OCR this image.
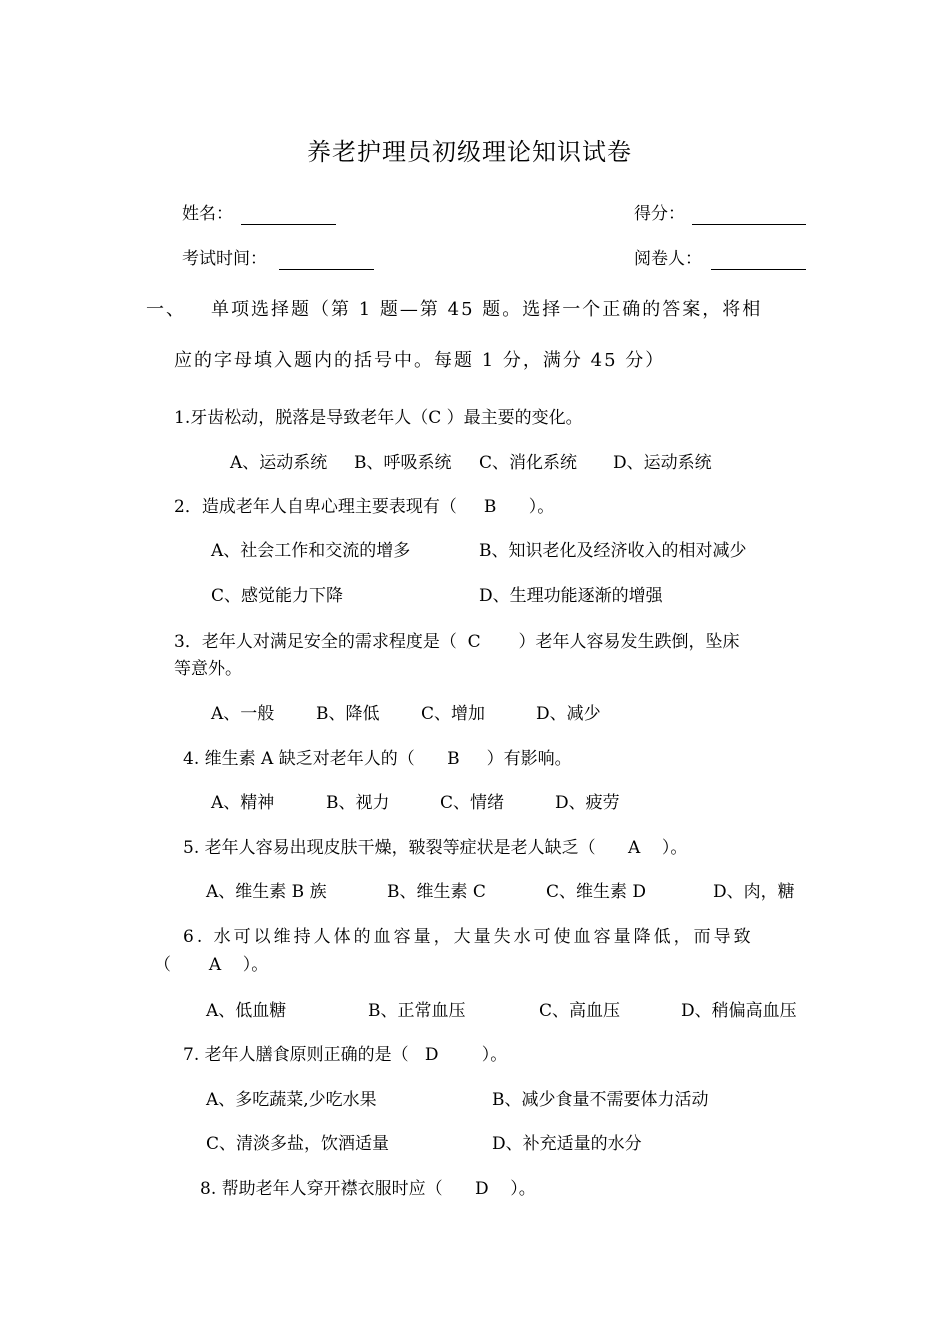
养老护理员初级理论知识试卷
姓名：	得分：
考试时间：	阅卷人：
一、 单项选择题（第 1 题—第 45 题。选择一个正确的答案，将相
应的字母填入题内的括号中。每题 1 分，满分 45 分）
1.牙齿松动，脱落是导致老年人（C ）最主要的变化。
A、运动系统 B、呼吸系统 C、消化系统 D、运动系统
2．造成老年人自卑心理主要表现有（     B      ）。
A、社会工作和交流的增多	B、知识老化及经济收入的相对减少
C、感觉能力下降	D、生理功能逐渐的增强
3．老年人对满足安全的需求程度是（  C       ）老年人容易发生跌倒，坠床
等意外。
A、一般 B、降低 C、增加	D、减少
4. 维生素 A 缺乏对老年人的（      B     ）有影响。
A、精神	B、视力	C、情绪	D、疲劳
5. 老年人容易出现皮肤干燥，皲裂等症状是老人缺乏（      A    ）。
A、维生素 B 族	B、维生素 C	C、维生素 D	D、肉，糖
6. 水可以维持人体的血容量，大量失水可使血容量降低，而导致
（       A    ）。
A、低血糖	B、正常血压	C、高血压	D、稍偏高血压
7. 老年人膳食原则正确的是（   D        ）。
A、多吃蔬菜,少吃水果	B、减少食量不需要体力活动
C、清淡多盐，饮酒适量	D、补充适量的水分
8. 帮助老年人穿开襟衣服时应（      D    ）。
